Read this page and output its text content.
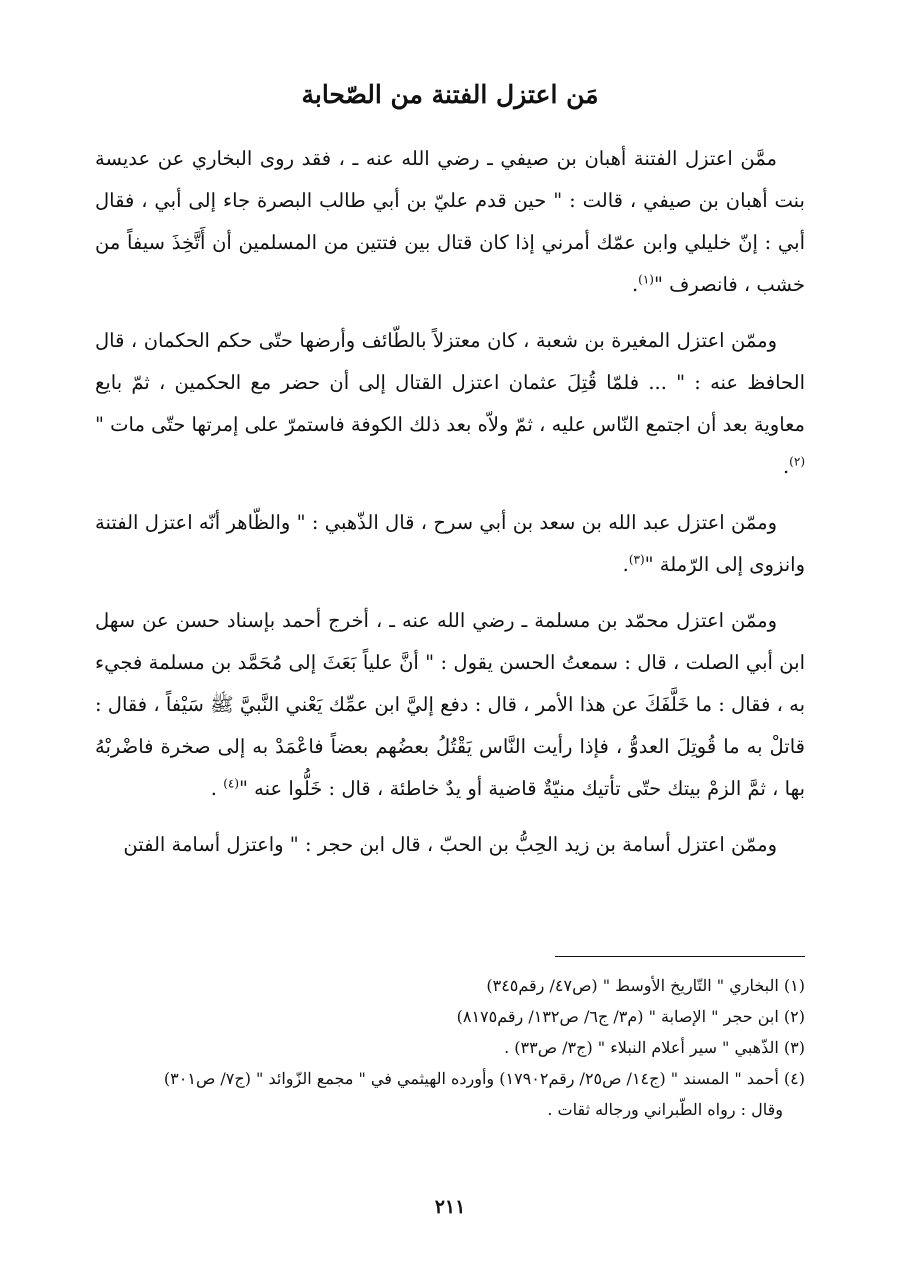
مَن اعتزل الفتنة من الصّحابة

ممَّن اعتزل الفتنة أهبان بن صيفي ـ رضي الله عنه ـ ، فقد روى البخاري عن عديسة بنت أهبان بن صيفي ، قالت : " حين قدم عليّ بن أبي طالب البصرة جاء إلى أبي ، فقال أبي : إنّ خليلي وابن عمّك أمرني إذا كان قتال بين فتتين من المسلمين أن أَتَّخِذَ سيفاً من خشب ، فانصرف "$^{(١)}$.

وممّن اعتزل المغيرة بن شعبة ، كان معتزلاً بالطّائف وأرضها حتّى حكم الحكمان ، قال الحافظ عنه : " ... فلمّا قُتِلَ عثمان اعتزل القتال إلى أن حضر مع الحكمين ، ثمّ بايع معاوية بعد أن اجتمع النّاس عليه ، ثمّ ولاّه بعد ذلك الكوفة فاستمرّ على إمرتها حتّى مات "$^{(٢)}$.

وممّن اعتزل عبد الله بن سعد بن أبي سرح ، قال الذّهبي : " والظّاهر أنّه اعتزل الفتنة وانزوى إلى الرّملة "$^{(٣)}$.

وممّن اعتزل محمّد بن مسلمة ـ رضي الله عنه ـ ، أخرج أحمد بإسناد حسن عن سهل ابن أبي الصلت ، قال : سمعتُ الحسن يقول : " أنَّ علياً بَعَثَ إلى مُحَمَّد بن مسلمة فجيء به ، فقال : ما خَلَّفَكَ عن هذا الأمر ، قال : دفع إليَّ ابن عمِّك يَعْني النَّبيَّ ﷺ سَيْفاً ، فقال : قاتلْ به ما قُوتِلَ العدوُّ ، فإذا رأيت النَّاس يَقْتُلُ بعضُهم بعضاً فاعْمَدْ به إلى صخرة فاضْربْهُ بها ، ثمَّ الزمْ بيتك حتّى تأتيك منيّةٌ قاضية أو يدٌ خاطئة ، قال : خَلُّوا عنه "$^{(٤)}$ .

وممّن اعتزل أسامة بن زيد الحِبُّ بن الحبّ ، قال ابن حجر : " واعتزل أسامة الفتن

(١) البخاري " التّاريخ الأوسط " (ص٤٧/ رقم٣٤٥)

(٢) ابن حجر " الإصابة " (م٣/ ج٦/ ص١٣٢/ رقم٨١٧٥)

(٣) الذّهبي " سير أعلام النبلاء " (ج٣/ ص٣٣) .

(٤) أحمد " المسند " (ج١٤/ ص٢٥/ رقم١٧٩٠٢) وأورده الهيثمي في " مجمع الزّوائد " (ج٧/ ص٣٠١)

وقال : رواه الطّبراني ورجاله ثقات .

٢١١
